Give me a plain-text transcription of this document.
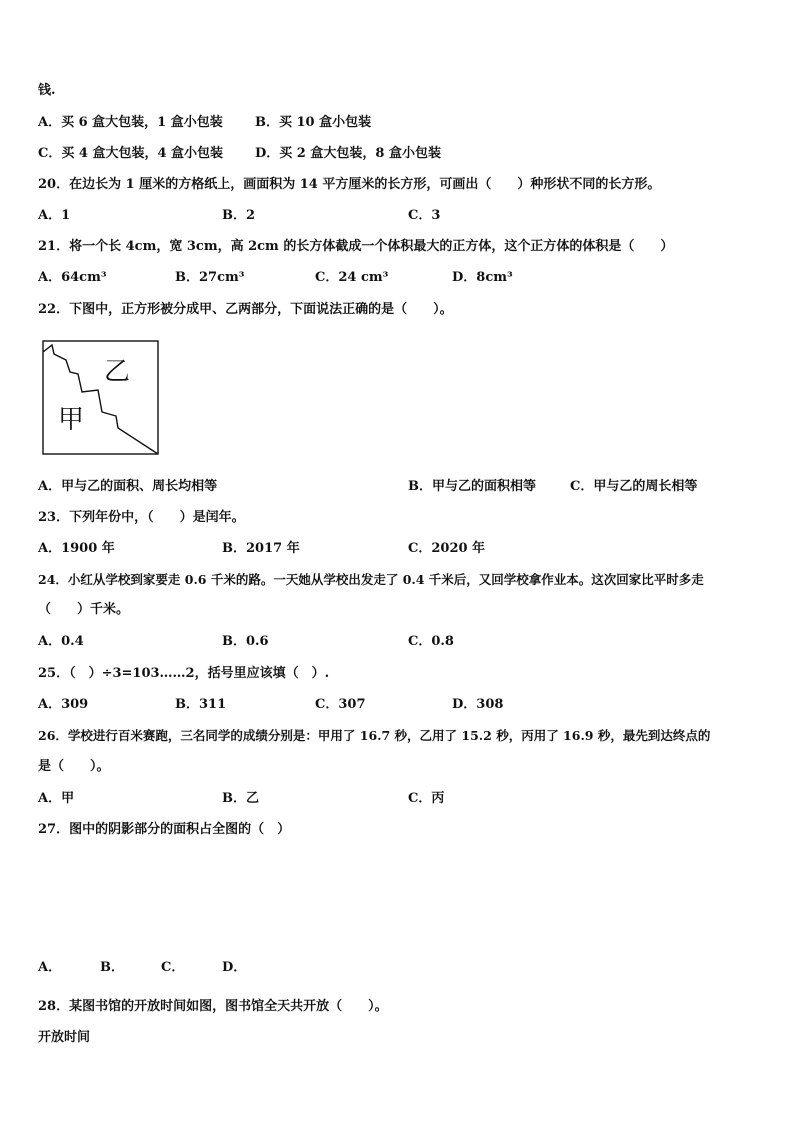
钱.
A．买 6 盒大包装，1 盒小包装 B．买 10 盒小包装
C．买 4 盒大包装，4 盒小包装 D．买 2 盒大包装，8 盒小包装
20．在边长为 1 厘米的方格纸上，画面积为 14 平方厘米的长方形，可画出（　　）种形状不同的长方形。
A．1	B．2	C．3
21．将一个长 4cm，宽 3cm，高 2cm 的长方体截成一个体积最大的正方体，这个正方体的体积是（　　）
A．64cm³	B．27cm³	C．24 cm³	D．8cm³
22．下图中，正方形被分成甲、乙两部分，下面说法正确的是（　　）。
乙
甲
A．甲与乙的面积、周长均相等	B．甲与乙的面积相等	C．甲与乙的周长相等
23．下列年份中，（　　）是闰年。
A．1900 年	B．2017 年	C．2020 年
24．小红从学校到家要走 0.6 千米的路。一天她从学校出发走了 0.4 千米后，又回学校拿作业本。这次回家比平时多走
（　　）千米。
A．0.4	B．0.6	C．0.8
25．（　）÷3=103……2，括号里应该填（　）.
A．309	B．311	C．307	D．308
26．学校进行百米赛跑，三名同学的成绩分别是：甲用了 16.7 秒，乙用了 15.2 秒，丙用了 16.9 秒，最先到达终点的
是（　　）。
A．甲	B．乙	C．丙
27．图中的阴影部分的面积占全图的（　）
A．	B．	C．	D．
28．某图书馆的开放时间如图，图书馆全天共开放（　　）。
开放时间
